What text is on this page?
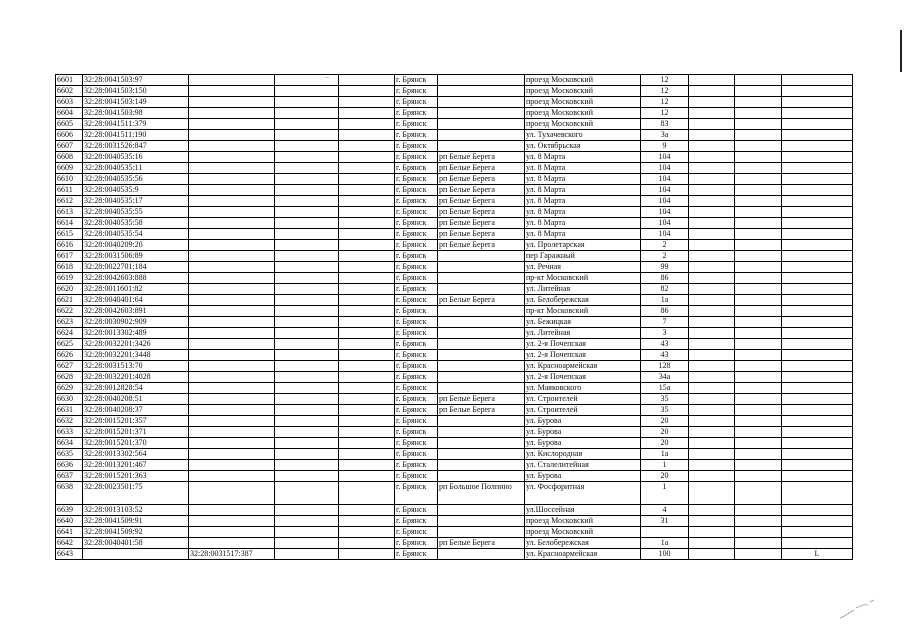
6601	32:28:0041503:97				г. Брянск		проезд Московский	12			
6602	32:28:0041503:150				г. Брянск		проезд Московский	12			
6603	32:28:0041503:149				г. Брянск		проезд Московский	12			
6604	32:28:0041503:98				г. Брянск		проезд Московский	12			
6605	32:28:0041511:379				г. Брянск		проезд Московский	83			
6606	32:28:0041511:190				г. Брянск		ул. Тухачевского	3а			
6607	32:28:0031526:847				г. Брянск		ул. Октябрьская	9			
6608	32:28:0040535:16				г. Брянск	рп Белые Берега	ул. 8 Марта	104			
6609	32:28:0040535:11				г. Брянск	рп Белые Берега	ул. 8 Марта	104			
6610	32:28:0040535:56				г. Брянск	рп Белые Берега	ул. 8 Марта	104			
6611	32:28:0040535:9				г. Брянск	рп Белые Берега	ул. 8 Марта	104			
6612	32:28:0040535:17				г. Брянск	рп Белые Берега	ул. 8 Марта	104			
6613	32:28:0040535:55				г. Брянск	рп Белые Берега	ул. 8 Марта	104			
6614	32:28:0040535:58				г. Брянск	рп Белые Берега	ул. 8 Марта	104			
6615	32:28:0040535:54				г. Брянск	рп Белые Берега	ул. 8 Марта	104			
6616	32:28:0040209:20				г. Брянск	рп Белые Берега	ул. Пролетарская	2			
6617	32:28:0031506:89				г. Брянск		пер Гаражный	2			
6618	32:28:0022701:184				г. Брянск		ул. Речная	99			
6619	32:28:0042603:888				г. Брянск		пр-кт Московский	86			
6620	32:28:0011601:82				г. Брянск		ул. Литейная	82			
6621	32:28:0040401:64				г. Брянск	рп Белые Берега	ул. Белобережская	1а			
6622	32:28:0042603:891				г. Брянск		пр-кт Московский	86			
6623	32:28:0030902:909				г. Брянск		ул. Бежицкая	7			
6624	32:28:0013302:489				г. Брянск		ул. Литейная	3			
6625	32:28:0032201:3426				г. Брянск		ул. 2-я Почепская	43			
6626	32:28:0032201:3448				г. Брянск		ул. 2-я Почепская	43			
6627	32:28:0031513:70				г. Брянск		ул. Красноармейская	128			
6628	32:28:0032201:4028				г. Брянск		ул. 2-я Почепская	34а			
6629	32:28:0012828:54				г. Брянск		ул. Маяковского	15а			
6630	32:28:0040208:51				г. Брянск	рп Белые Берега	ул. Строителей	35			
6631	32:28:0040208:37				г. Брянск	рп Белые Берега	ул. Строителей	35			
6632	32:28:0015201:357				г. Брянск		ул. Бурова	20			
6633	32:28:0015201:371				г. Брянск		ул. Бурова	20			
6634	32:28:0015201:370				г. Брянск		ул. Бурова	20			
6635	32:28:0013302:564				г. Брянск		ул. Кислородная	1а			
6636	32:28:0013201:467				г. Брянск		ул. Сталелитейная	1			
6637	32:28:0015201:363				г. Брянск		ул. Бурова	20			
6638	32:28:0023501:75				г. Брянск	рп Большое Полпино	ул. Фосфоритная	1			
6639	32:28:0013103:52				г. Брянск		ул.Шоссейная	4			
6640	32:28:0041509:91				г. Брянск		проезд Московский	31			
6641	32:28:0041509:92				г. Брянск		проезд Московский				
6642	32:28:0040401:58				г. Брянск	рп Белые Берега	ул. Белобережская	1а			
6643		32:28:0031517:387			г. Брянск		ул. Красноармейская	100			L
